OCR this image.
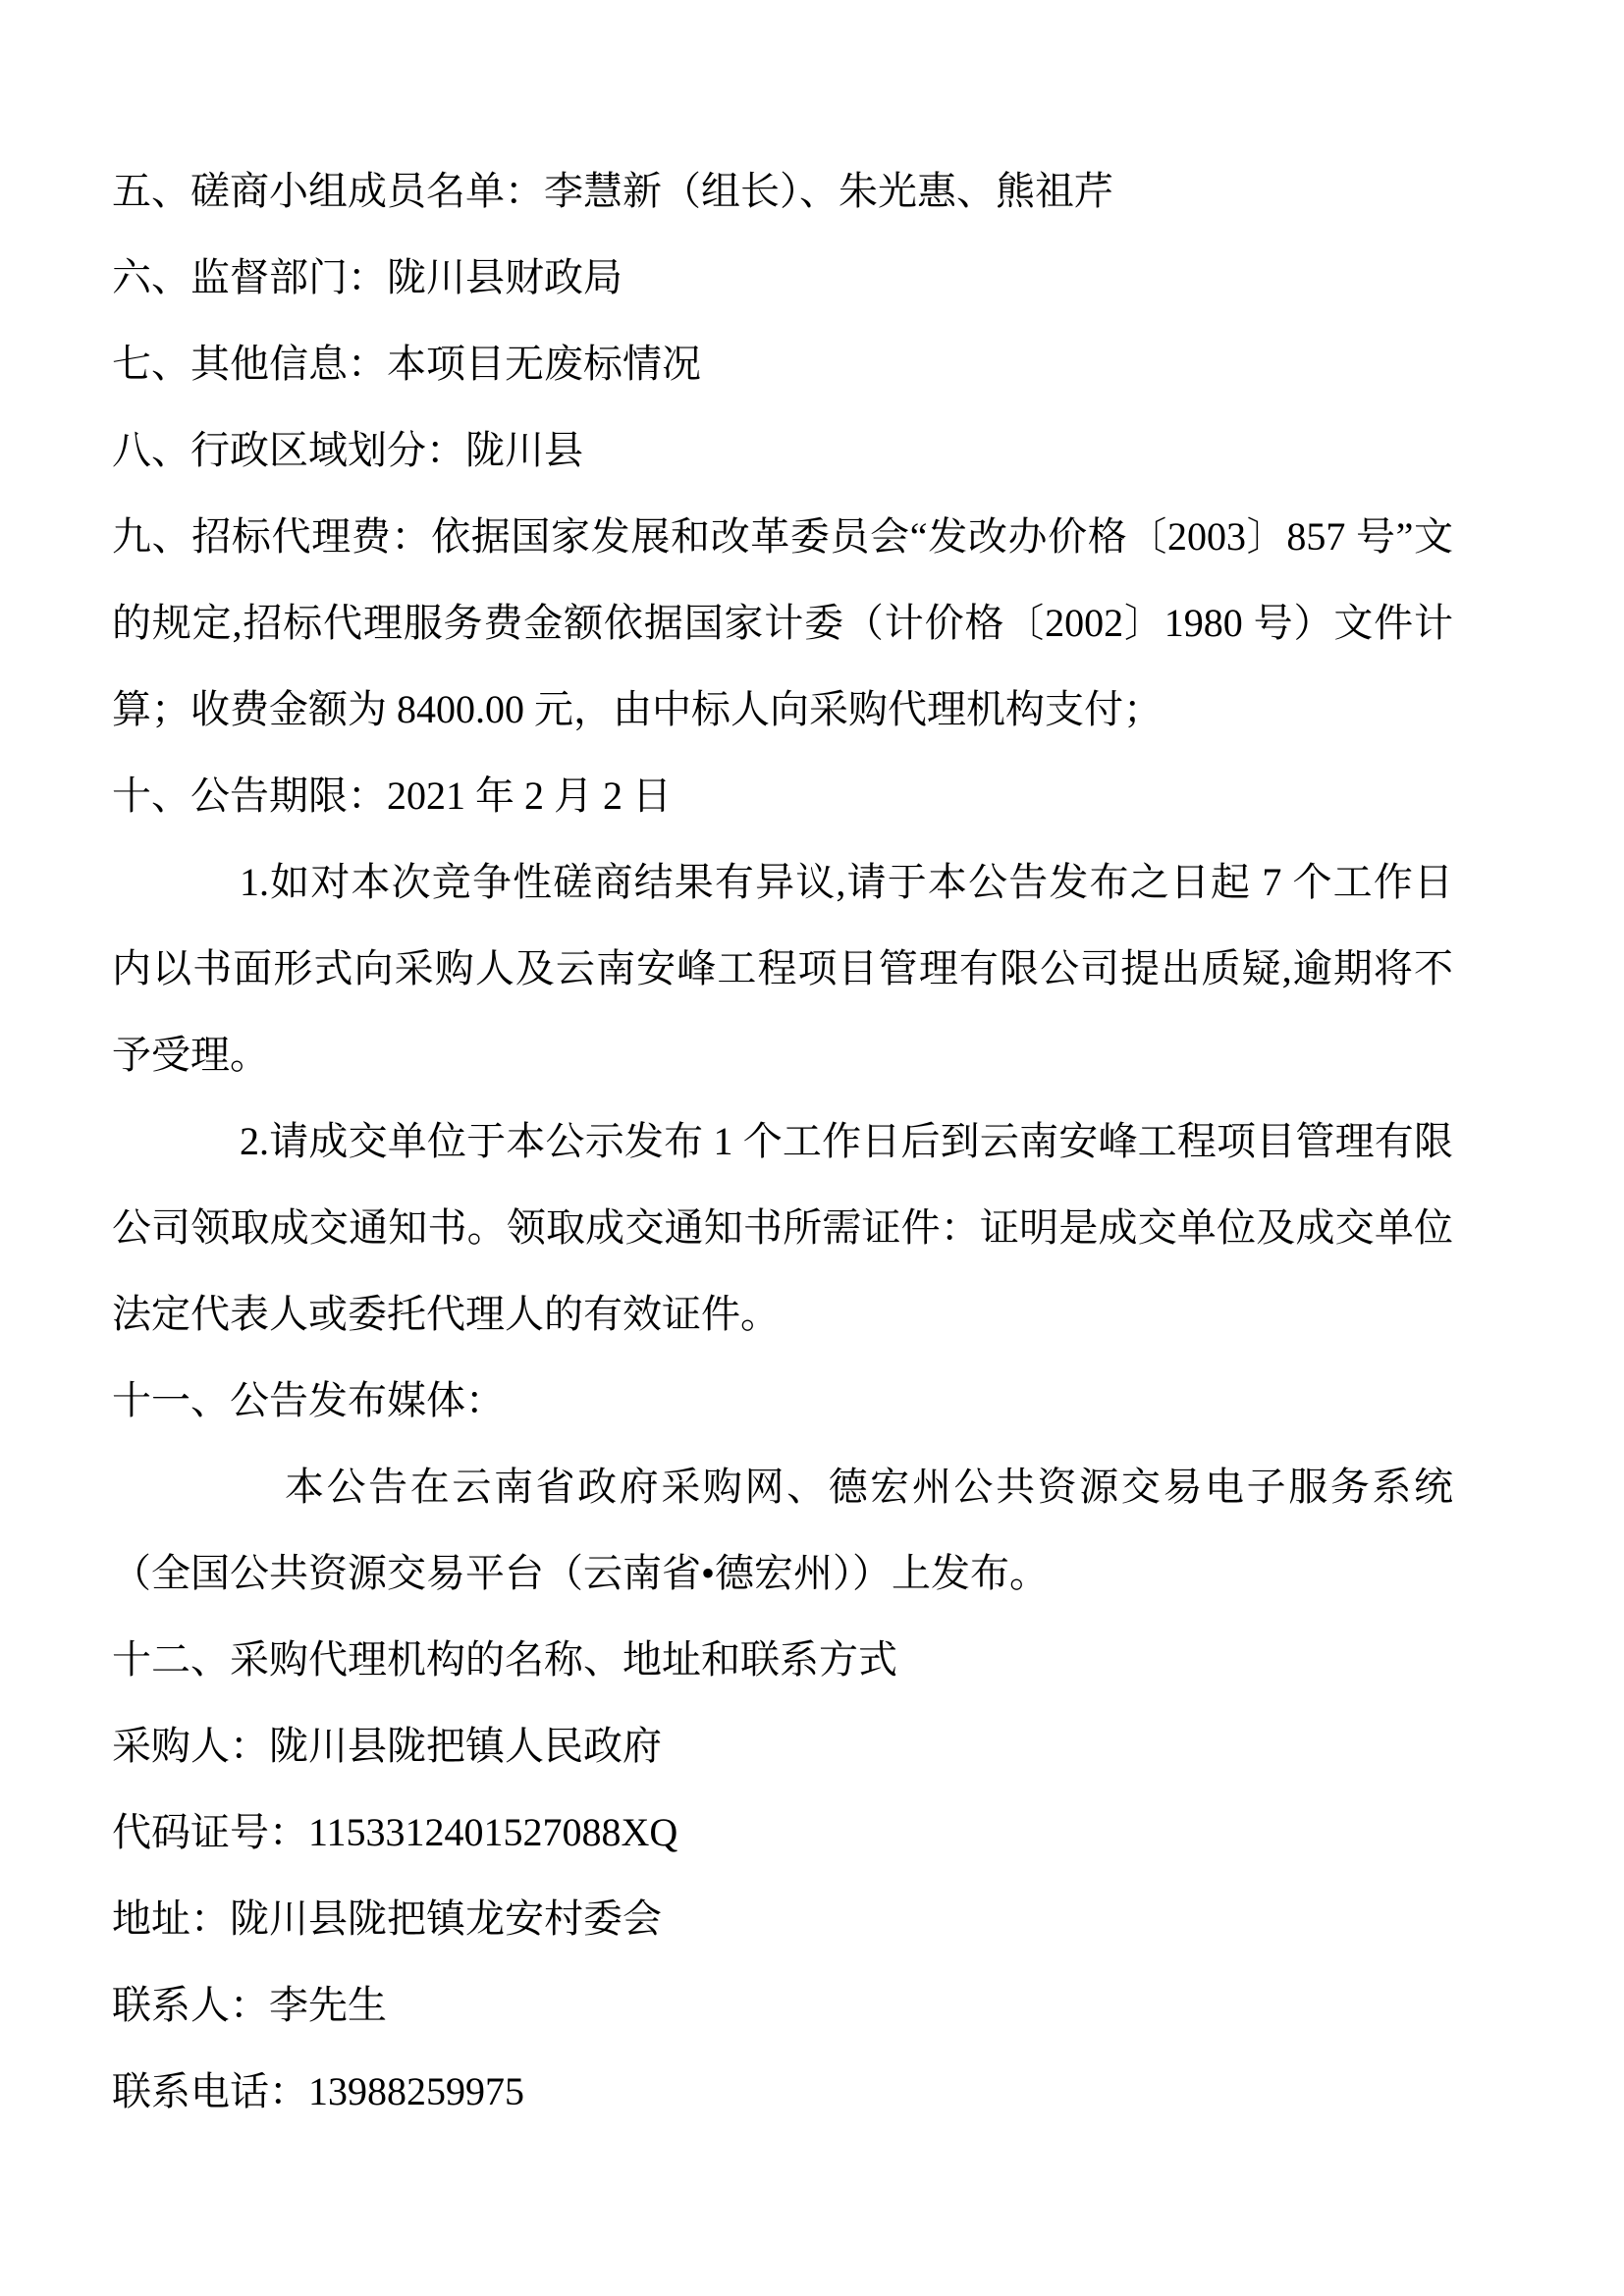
五、磋商小组成员名单：李慧新（组长）、朱光惠、熊祖芹

六、监督部门：陇川县财政局

七、其他信息：本项目无废标情况

八、行政区域划分：陇川县

九、招标代理费：依据国家发展和改革委员会“发改办价格〔2003〕857 号”文的规定,招标代理服务费金额依据国家计委（计价格〔2002〕1980 号）文件计算；收费金额为 8400.00 元，由中标人向采购代理机构支付；

十、公告期限：2021 年 2 月 2 日

1.如对本次竞争性磋商结果有异议,请于本公告发布之日起 7 个工作日内以书面形式向采购人及云南安峰工程项目管理有限公司提出质疑,逾期将不予受理。

2.请成交单位于本公示发布 1 个工作日后到云南安峰工程项目管理有限公司领取成交通知书。领取成交通知书所需证件：证明是成交单位及成交单位法定代表人或委托代理人的有效证件。

十一、公告发布媒体：

本公告在云南省政府采购网、德宏州公共资源交易电子服务系统（全国公共资源交易平台（云南省•德宏州））上发布。

十二、采购代理机构的名称、地址和联系方式

采购人：陇川县陇把镇人民政府

代码证号：1153312401527088XQ

地址：陇川县陇把镇龙安村委会

联系人：李先生

联系电话：13988259975
